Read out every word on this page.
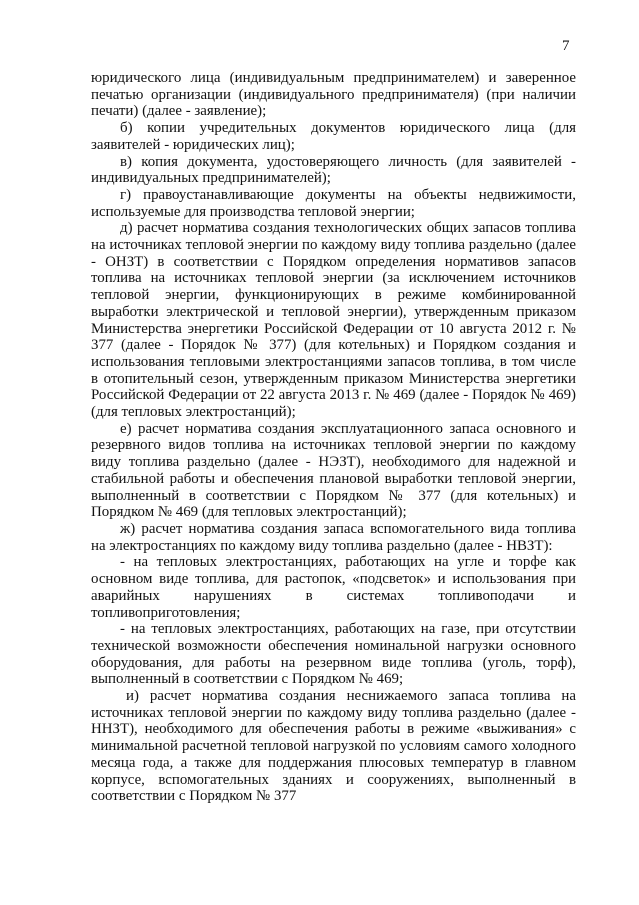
7

юридического лица (индивидуальным предпринимателем) и заверенное печатью организации (индивидуального предпринимателя) (при наличии печати) (далее - заявление);

б) копии учредительных документов юридического лица (для заявителей - юридических лиц);

в) копия документа, удостоверяющего личность (для заявителей - индивидуальных предпринимателей);

г) правоустанавливающие документы на объекты недвижимости, используемые для производства тепловой энергии;

д) расчет норматива создания технологических общих запасов топлива на источниках тепловой энергии по каждому виду топлива раздельно (далее - ОНЗТ) в соответствии с Порядком определения нормативов запасов топлива на источниках тепловой энергии (за исключением источников тепловой энергии, функционирующих в режиме комбинированной выработки электрической и тепловой энергии), утвержденным приказом Министерства энергетики Российской Федерации от 10 августа 2012 г. № 377 (далее - Порядок № 377) (для котельных) и Порядком создания и использования тепловыми электростанциями запасов топлива, в том числе в отопительный сезон, утвержденным приказом Министерства энергетики Российской Федерации от 22 августа 2013 г. № 469 (далее - Порядок № 469) (для тепловых электростанций);

е) расчет норматива создания эксплуатационного запаса основного и резервного видов топлива на источниках тепловой энергии по каждому виду топлива раздельно (далее - НЭЗТ), необходимого для надежной и стабильной работы и обеспечения плановой выработки тепловой энергии, выполненный в соответствии с Порядком № 377 (для котельных) и Порядком № 469 (для тепловых электростанций);

ж) расчет норматива создания запаса вспомогательного вида топлива на электростанциях по каждому виду топлива раздельно (далее - НВЗТ):

- на тепловых электростанциях, работающих на угле и торфе как основном виде топлива, для растопок, «подсветок» и использования при аварийных нарушениях в системах топливоподачи и топливоприготовления;

- на тепловых электростанциях, работающих на газе, при отсутствии технической возможности обеспечения номинальной нагрузки основного оборудования, для работы на резервном виде топлива (уголь, торф), выполненный в соответствии с Порядком № 469;

и) расчет норматива создания неснижаемого запаса топлива на источниках тепловой энергии по каждому виду топлива раздельно (далее - ННЗТ), необходимого для обеспечения работы в режиме «выживания» с минимальной расчетной тепловой нагрузкой по условиям самого холодного месяца года, а также для поддержания плюсовых температур в главном корпусе, вспомогательных зданиях и сооружениях, выполненный в соответствии с Порядком № 377
